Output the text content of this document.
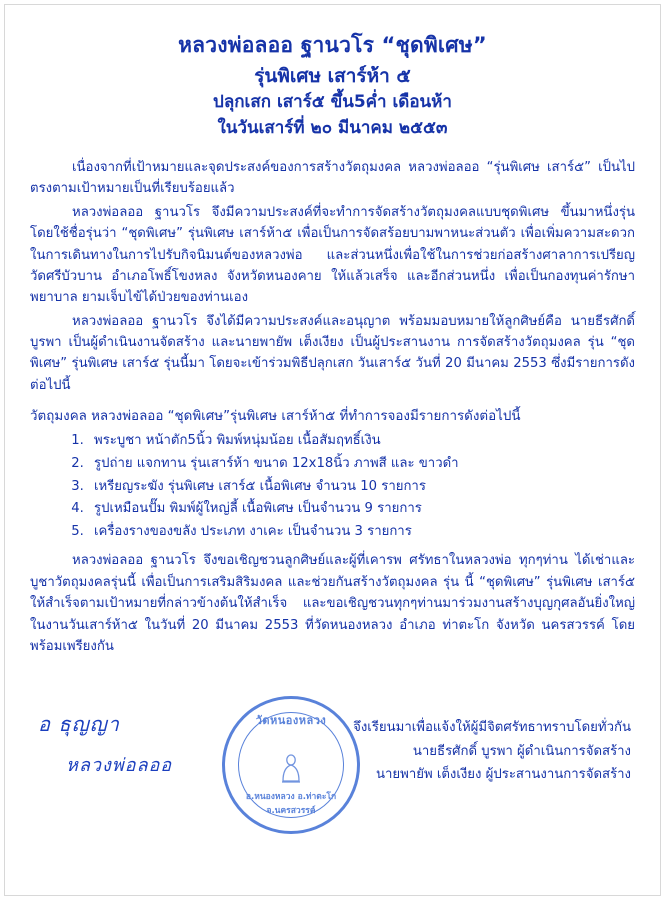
หลวงพ่อลออ ฐานวโร “ชุดพิเศษ”
รุ่นพิเศษ เสาร์ห้า ๕
ปลุกเสก เสาร์๕ ขึ้น5ค่ำ เดือนห้า
ในวันเสาร์ที่ ๒๐ มีนาคม ๒๕๕๓

เนื่องจากที่เป้าหมายและจุดประสงค์ของการสร้างวัตถุมงคล หลวงพ่อลออ “รุ่นพิเศษ เสาร์๕” เป็นไปตรงตามเป้าหมายเป็นที่เรียบร้อยแล้ว

หลวงพ่อลออ ฐานวโร จึงมีความประสงค์ที่จะทำการจัดสร้างวัตถุมงคลแบบชุดพิเศษ ขึ้นมาหนึ่งรุ่น โดยใช้ชื่อรุ่นว่า “ชุดพิเศษ” รุ่นพิเศษ เสาร์ห้า๕ เพื่อเป็นการจัดสร้อยบามพาหนะส่วนตัว เพื่อเพิ่มความสะดวกในการเดินทางในการไปรับกิจนิมนต์ของหลวงพ่อ และส่วนหนึ่งเพื่อใช้ในการช่วยก่อสร้างศาลาการเปรียญ วัดศรีบัวบาน อำเภอโพธิ์โขงหลง จังหวัดหนองคาย ให้แล้วเสร็จ และอีกส่วนหนึ่ง เพื่อเป็นกองทุนค่ารักษาพยาบาล ยามเจ็บไข้ได้ป่วยของท่านเอง

หลวงพ่อลออ ฐานวโร จึงได้มีความประสงค์และอนุญาต พร้อมมอบหมายให้ลูกศิษย์คือ นายธีรศักดิ์ บูรพา เป็นผู้ดำเนินงานจัดสร้าง และนายพายัพ เต็งเงียง เป็นผู้ประสานงาน การจัดสร้างวัตถุมงคล รุ่น “ชุดพิเศษ” รุ่นพิเศษ เสาร์๕ รุ่นนี้มา โดยจะเข้าร่วมพิธีปลุกเสก วันเสาร์๕ วันที่ 20 มีนาคม 2553 ซึ่งมีรายการดังต่อไปนี้

วัตถุมงคล หลวงพ่อลออ “ชุดพิเศษ”รุ่นพิเศษ เสาร์ห้า๕ ที่ทำการจองมีรายการดังต่อไปนี้
1. พระบูชา หน้าตัก5นิ้ว พิมพ์หนุ่มน้อย เนื้อสัมฤทธิ์เงิน
2. รูปถ่าย แจกทาน รุ่นเสาร์ห้า ขนาด 12x18นิ้ว ภาพสี และ ขาวดำ
3. เหรียญระฆัง รุ่นพิเศษ เสาร์๕ เนื้อพิเศษ จำนวน 10 รายการ
4. รูปเหมือนปั๊ม พิมพ์ผู้ใหญ่ลี้ เนื้อพิเศษ เป็นจำนวน 9 รายการ
5. เครื่องรางของขลัง ประเภท งาเคะ เป็นจำนวน 3 รายการ

หลวงพ่อลออ ฐานวโร จึงขอเชิญชวนลูกศิษย์และผู้ที่เคารพ ศรัทธาในหลวงพ่อ ทุกๆท่าน ได้เช่าและบูชาวัตถุมงคลรุ่นนี้ เพื่อเป็นการเสริมสิริมงคล และช่วยกันสร้างวัตถุมงคล รุ่น นี้ “ชุดพิเศษ” รุ่นพิเศษ เสาร์๕ ให้สำเร็จตามเป้าหมายที่กล่าวข้างต้นให้สำเร็จ และขอเชิญชวนทุกๆท่านมาร่วมงานสร้างบุญกุศลอันยิ่งใหญ่ ในงานวันเสาร์ห้า๕ ในวันที่ 20 มีนาคม 2553 ที่วัดหนองหลวง อำเภอ ท่าตะโก จังหวัด นครสวรรค์ โดยพร้อมเพรียงกัน

อ ธุญญา
หลวงพ่อลออ
วัดหนองหลวง
อ.หนองหลวง อ.ท่าตะโก จ.นครสวรรค์
จึงเรียนมาเพื่อแจ้งให้ผู้มีจิตศรัทธาทราบโดยทั่วกัน
นายธีรศักดิ์ บูรพา ผู้ดำเนินการจัดสร้าง
นายพายัพ เต็งเงียง ผู้ประสานงานการจัดสร้าง
